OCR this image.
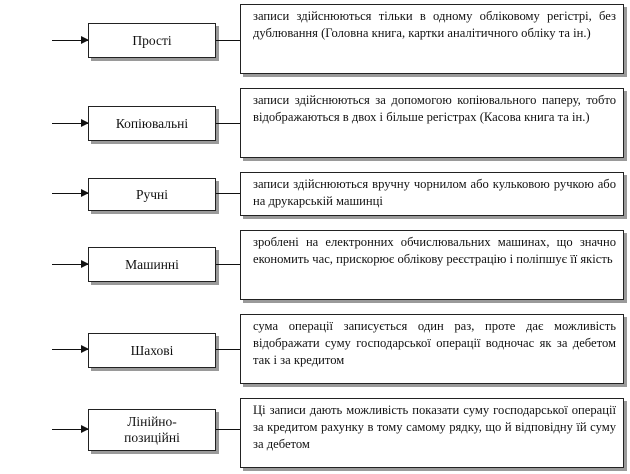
Прості
записи здійснюються тільки в одному обліковому регістрі, без дублювання (Головна книга, картки аналітичного обліку та ін.)
Копіювальні
записи здійснюються за допомогою копіювального паперу, тобто відображаються в двох і більше регістрах (Касова книга та ін.)
Ручні
записи здійснюються вручну чорнилом або кульковою ручкою або на друкарській машинці
Машинні
зроблені на електронних обчислювальних машинах, що значно економить час, прискорює облікову реєстрацію і поліпшує її якість
Шахові
сума операції записується один раз, проте дає можливість відображати суму господарської операції водночас як за дебетом так і за кредитом
Лінійно-позиційні
Ці записи дають можливість показати суму господарської операції за кредитом рахунку в тому самому рядку, що й відповідну їй суму за дебетом
